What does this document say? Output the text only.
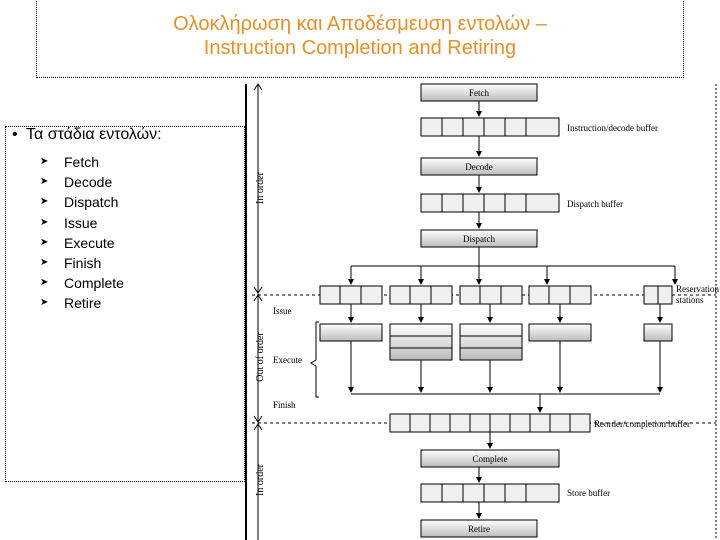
Ολοκλήρωση και Αποδέσμευση εντολών –
Instruction Completion and Retiring
• Τα στάδια εντολών:
➤ Fetch
➤ Decode
➤ Dispatch
➤ Issue
➤ Execute
➤ Finish
➤ Complete
➤ Retire
In order
Out of order
In order
Issue
Execute
Finish
Fetch
Instruction/decode buffer
Decode
Dispatch buffer
Dispatch
Reservation
stations
Reorder/completion buffer
Complete
Store buffer
Retire
